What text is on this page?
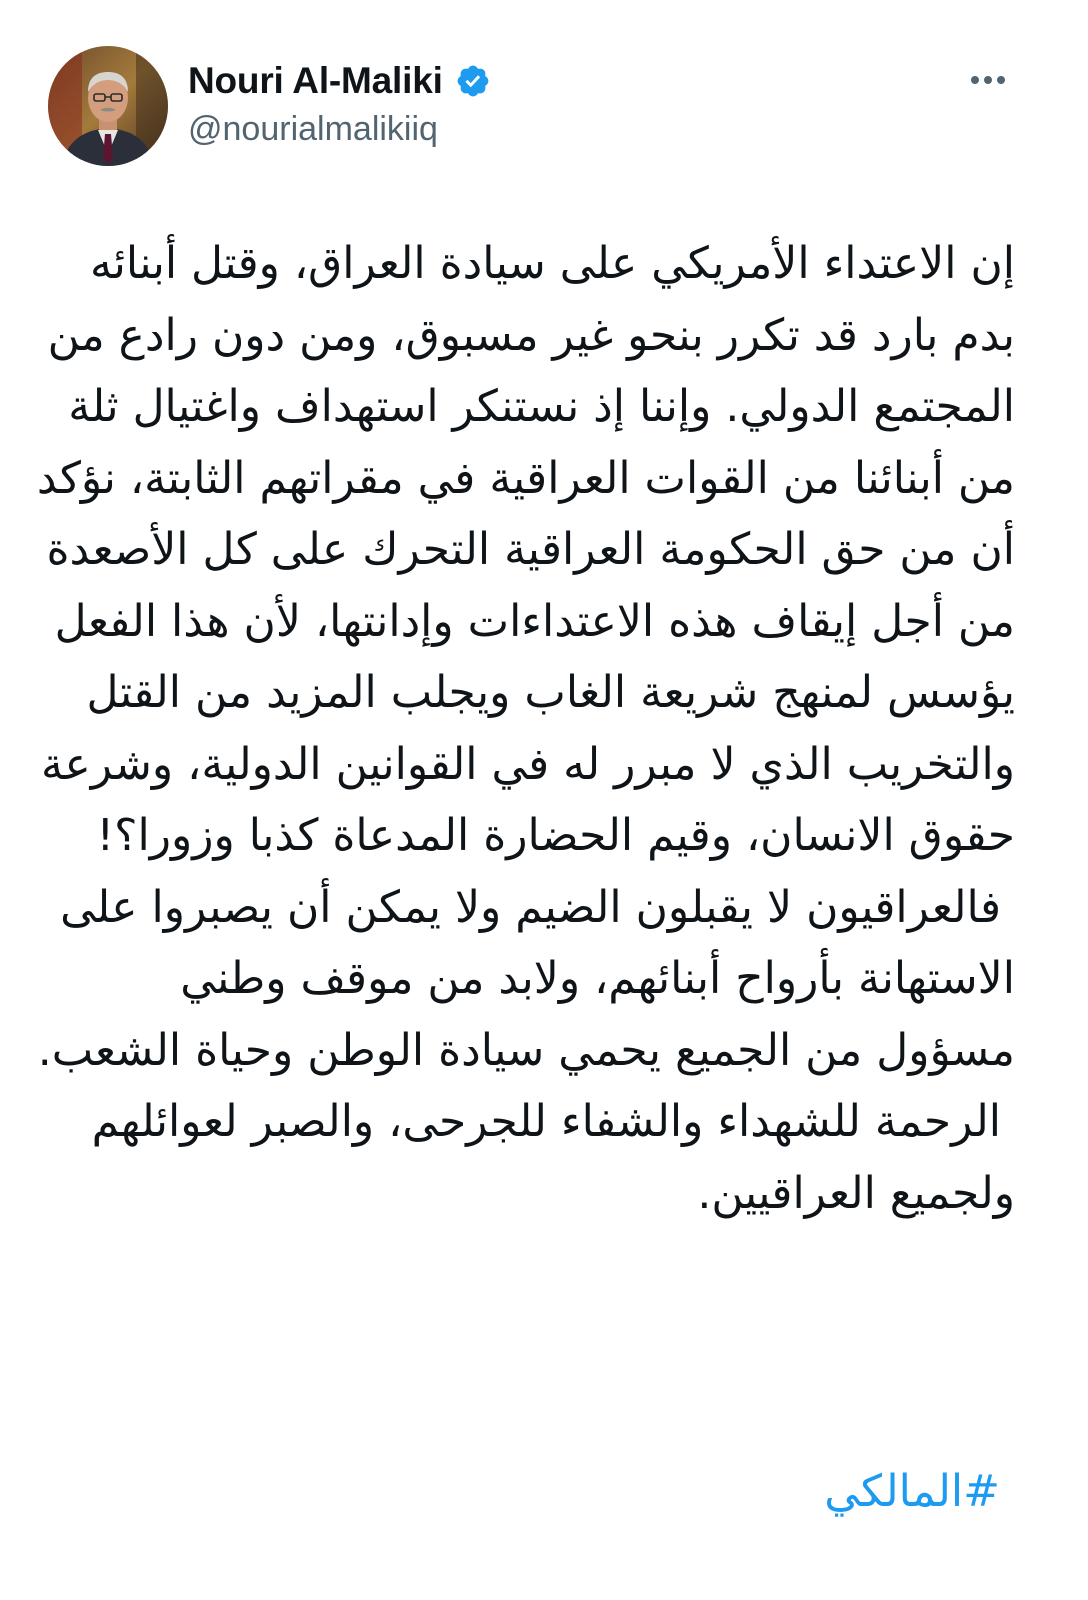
Nouri Al-Maliki
@nourialmalikiiq

إن الاعتداء الأمريكي على سيادة العراق، وقتل أبنائه بدم بارد قد تكرر بنحو غير مسبوق، ومن دون رادع من المجتمع الدولي. وإننا إذ نستنكر استهداف واغتيال ثلة من أبنائنا من القوات العراقية في مقراتهم الثابتة، نؤكد أن من حق الحكومة العراقية التحرك على كل الأصعدة من أجل إيقاف هذه الاعتداءات وإدانتها، لأن هذا الفعل يؤسس لمنهج شريعة الغاب ويجلب المزيد من القتل والتخريب الذي لا مبرر له في القوانين الدولية، وشرعة حقوق الانسان، وقيم الحضارة المدعاة كذبا وزورا؟!

فالعراقيون لا يقبلون الضيم ولا يمكن أن يصبروا على الاستهانة بأرواح أبنائهم، ولابد من موقف وطني مسؤول من الجميع يحمي سيادة الوطن وحياة الشعب.

الرحمة للشهداء والشفاء للجرحى، والصبر لعوائلهم ولجميع العراقيين.

#المالكي
